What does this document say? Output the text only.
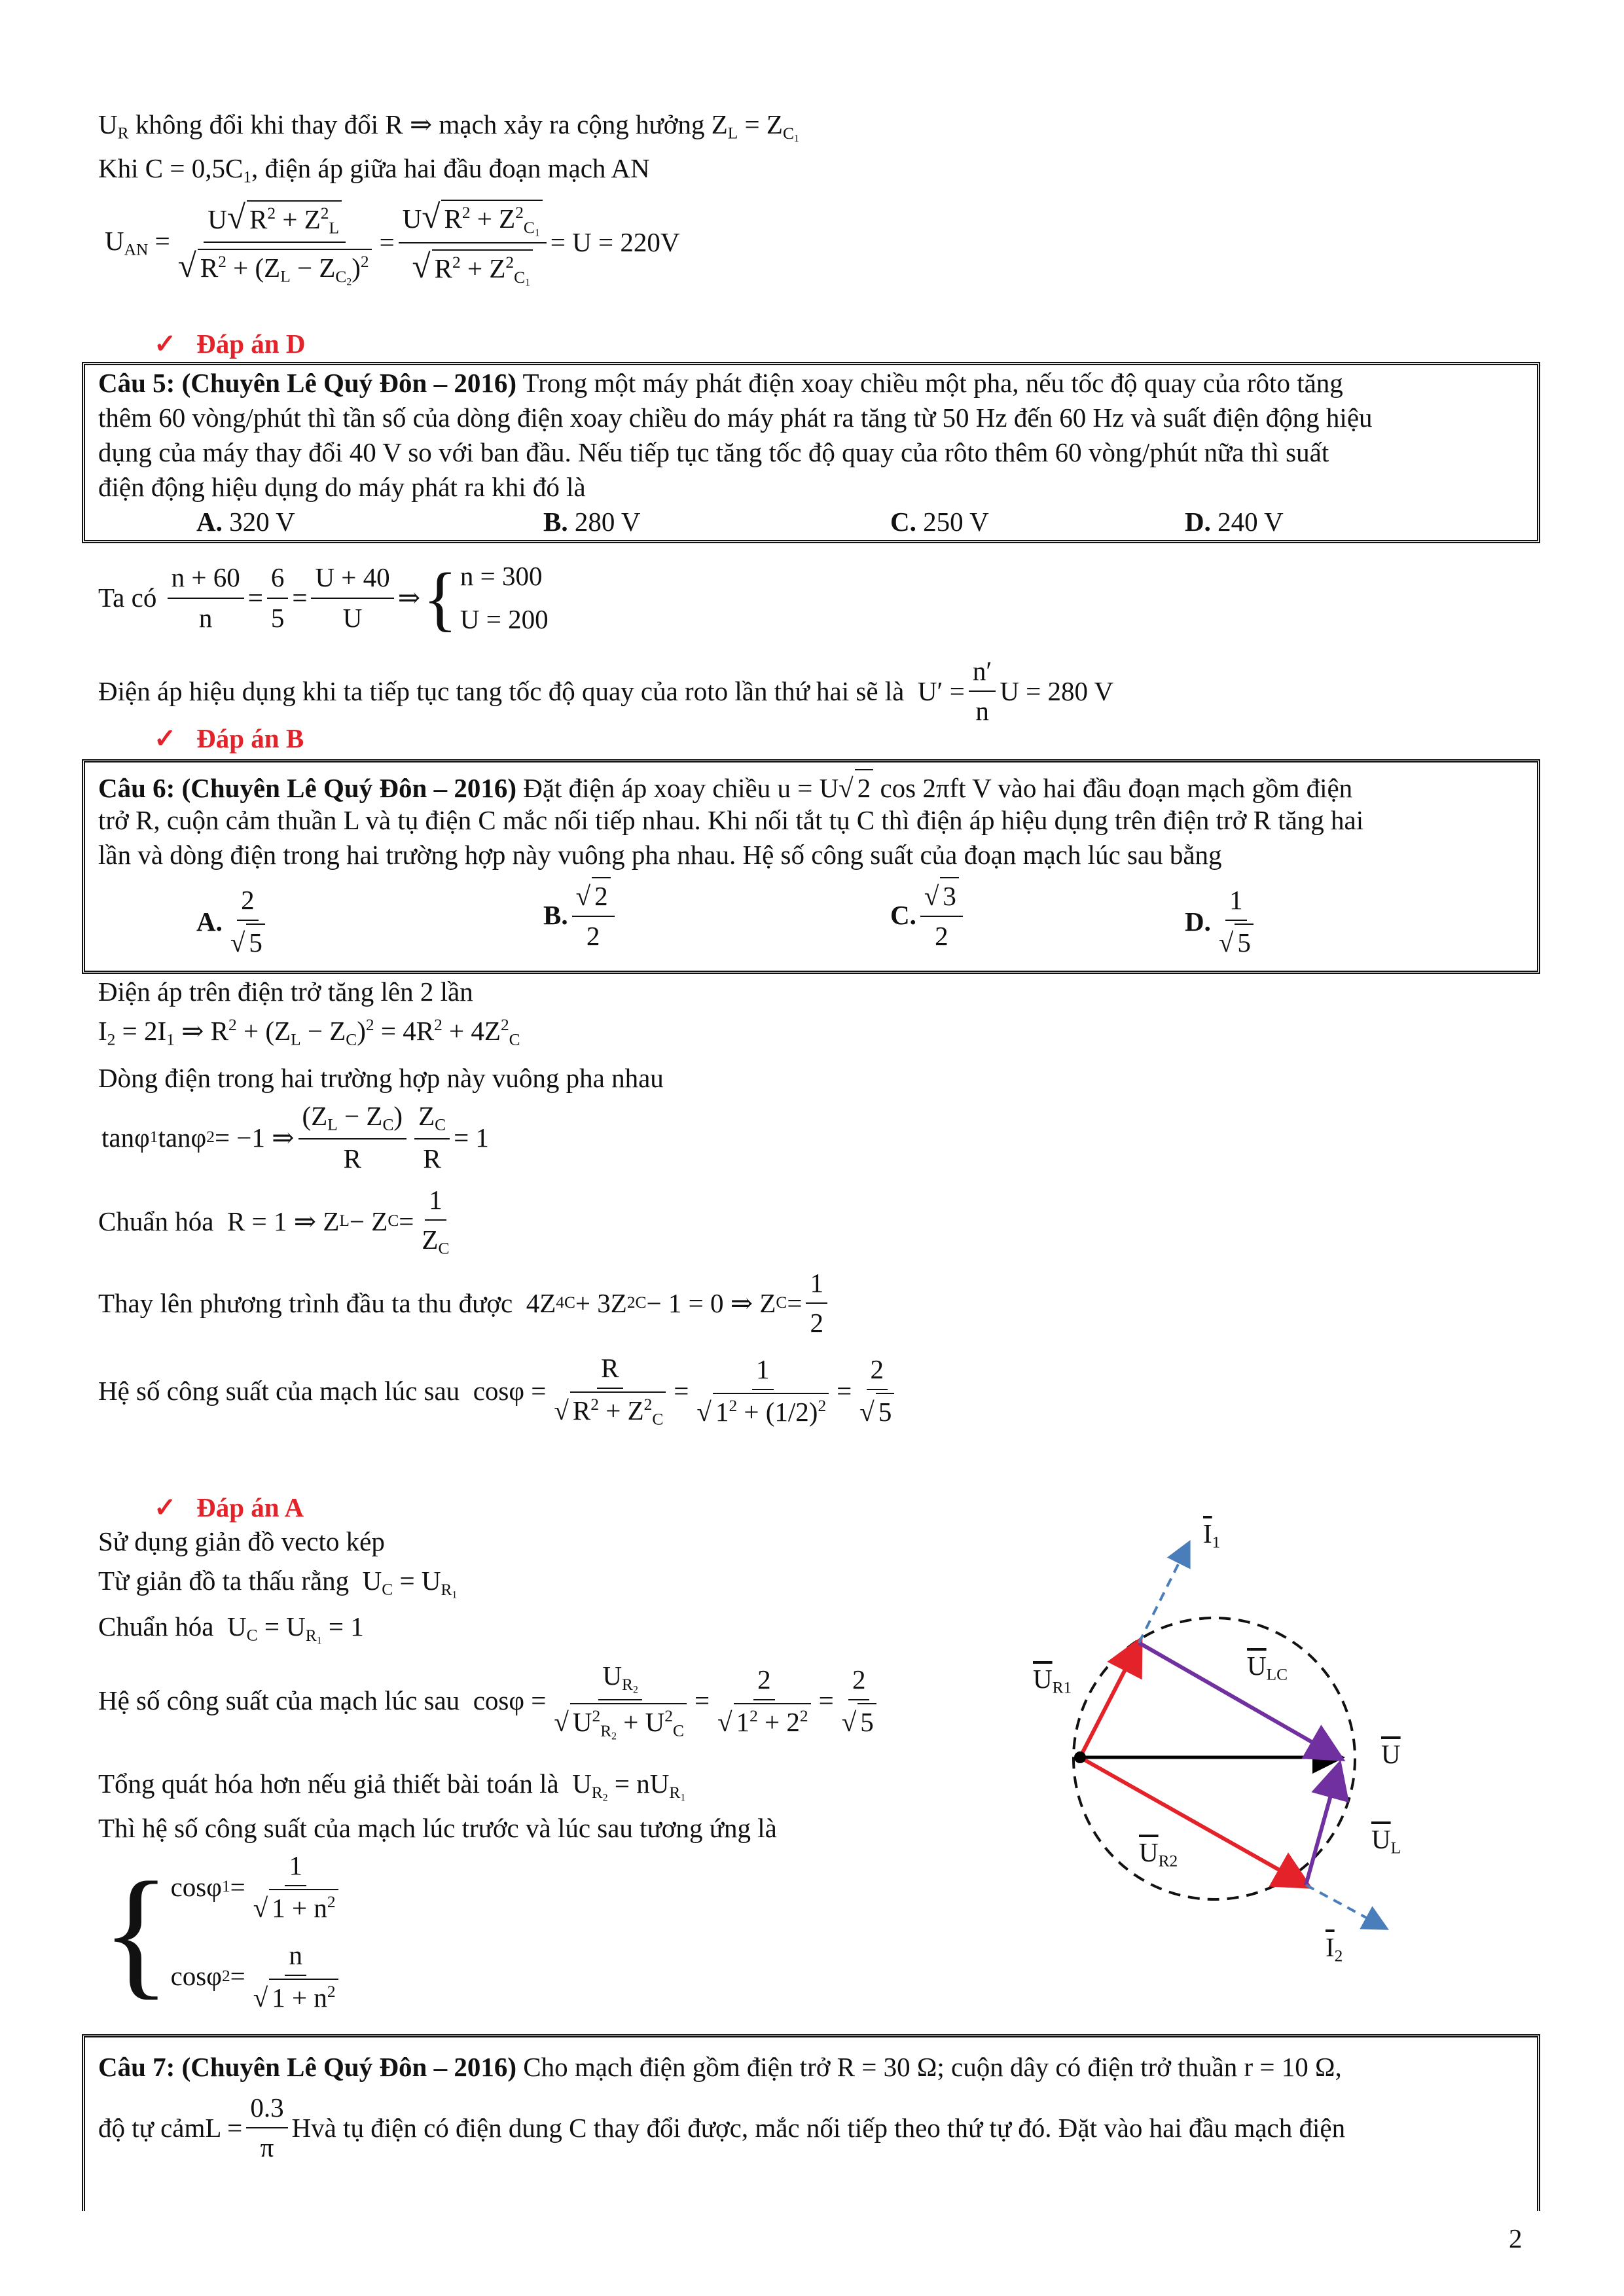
$U_R$ không đổi khi thay đổi R ⇒ mạch xảy ra cộng hưởng $Z_L = Z_{C_1}$
Khi $C = 0,5C_1$, điện áp giữa hai đầu đoạn mạch AN
$U_{AN} = \frac{U√ R^2 + Z^2_L}{√ R^2 + (Z_L - Z_{C_2})^2} = \frac{U√ R^2 + Z^2_{C_1}}{√ R^2 + Z^2_{C_1}} = U = 220V$
✓ Đáp án D
Câu 5: (Chuyên Lê Quý Đôn – 2016) Trong một máy phát điện xoay chiều một pha, nếu tốc độ quay của rôto tăng
thêm 60 vòng/phút thì tần số của dòng điện xoay chiều do máy phát ra tăng từ 50 Hz đến 60 Hz và suất điện động hiệu
dụng của máy thay đổi 40 V so với ban đầu. Nếu tiếp tục tăng tốc độ quay của rôto thêm 60 vòng/phút nữa thì suất
điện động hiệu dụng do máy phát ra khi đó là
A. 320 V	B. 280 V	C. 250 V	D. 240 V
Ta có

n + 60
n
=
6
5
=
U + 40
U
⇒ { n = 300
U = 200
Điện áp hiệu dụng khi ta tiếp tục tang tốc độ quay của roto lần thứ hai sẽ là
$U' = \frac{n'}{n}$ U = 280 V
✓ Đáp án B
Câu 6: (Chuyên Lê Quý Đôn – 2016) Đặt điện áp xoay chiều u = U√ 2 cos 2πft V vào hai đầu đoạn mạch gồm điện
trở R, cuộn cảm thuần L và tụ điện C mắc nối tiếp nhau. Khi nối tắt tụ C thì điện áp hiệu dụng trên điện trở R tăng hai
lần và dòng điện trong hai trường hợp này vuông pha nhau. Hệ số công suất của đoạn mạch lúc sau bằng
A.
2
√ 5
B.
√ 2
2
C.
√ 3
2	D.
1
√ 5
Điện áp trên điện trở tăng lên 2 lần
$I_2 = 2I_1$ ⇒ $R^2 + (Z_L - Z_C)^2 = 4R^2 + 4Z^2_C$
Dòng điện trong hai trường hợp này vuông pha nhau
tanφ 1 tanφ 2 = −1 ⇒
$(Z_L - Z_C)$
R
$Z_C$
R
= 1
Chuẩn hóa R = 1 ⇒ Z L − Z C =
1
$Z_C$
Thay lên phương trình đầu ta thu được 4Z 4 C + 3Z 2 C − 1 = 0 ⇒ Z C =
1
2
Hệ số công suất của mạch lúc sau cosφ =
R
√ $R^2 + Z^2_C$
=
1
√ $1^2 + (1/2)^2$
=
2
√ 5
✓ Đáp án A
Sử dụng giản đồ vecto kép
Từ giản đồ ta thấu rằng  $U_C = U_{R_1}$
Chuẩn hóa  $U_C = U_{R_1} = 1$
Hệ số công suất của mạch lúc sau cosφ =
$U_{R_2}$
√ $U^2_{R_2} + U^2_C$
=
2
√ $1^2 + 2^2$
=
2
√ 5
Tổng quát hóa hơn nếu giả thiết bài toán là  $U_{R_2} = nU_{R_1}$
Thì hệ số công suất của mạch lúc trước và lúc sau tương ứng là
{ cosφ 1 =
1
√ $1 + n^2$
cosφ 2 =
n
√ $1 + n^2$
$\overline{I}_1$
$\overline{U}_{R1}$
$\overline{U}_{LC}$
$\overline{U}$
$\overline{U}_L$
$\overline{U}_{R2}$
$\overline{I}_2$
Câu 7: (Chuyên Lê Quý Đôn – 2016) Cho mạch điện gồm điện trở R = 30 Ω; cuộn dây có điện trở thuần r = 10 Ω,
độ tự cảm $L = \frac{0.3}{\pi}$ H và tụ điện có điện dung C thay đổi được, mắc nối tiếp theo thứ tự đó. Đặt vào hai đầu mạch điện
2
